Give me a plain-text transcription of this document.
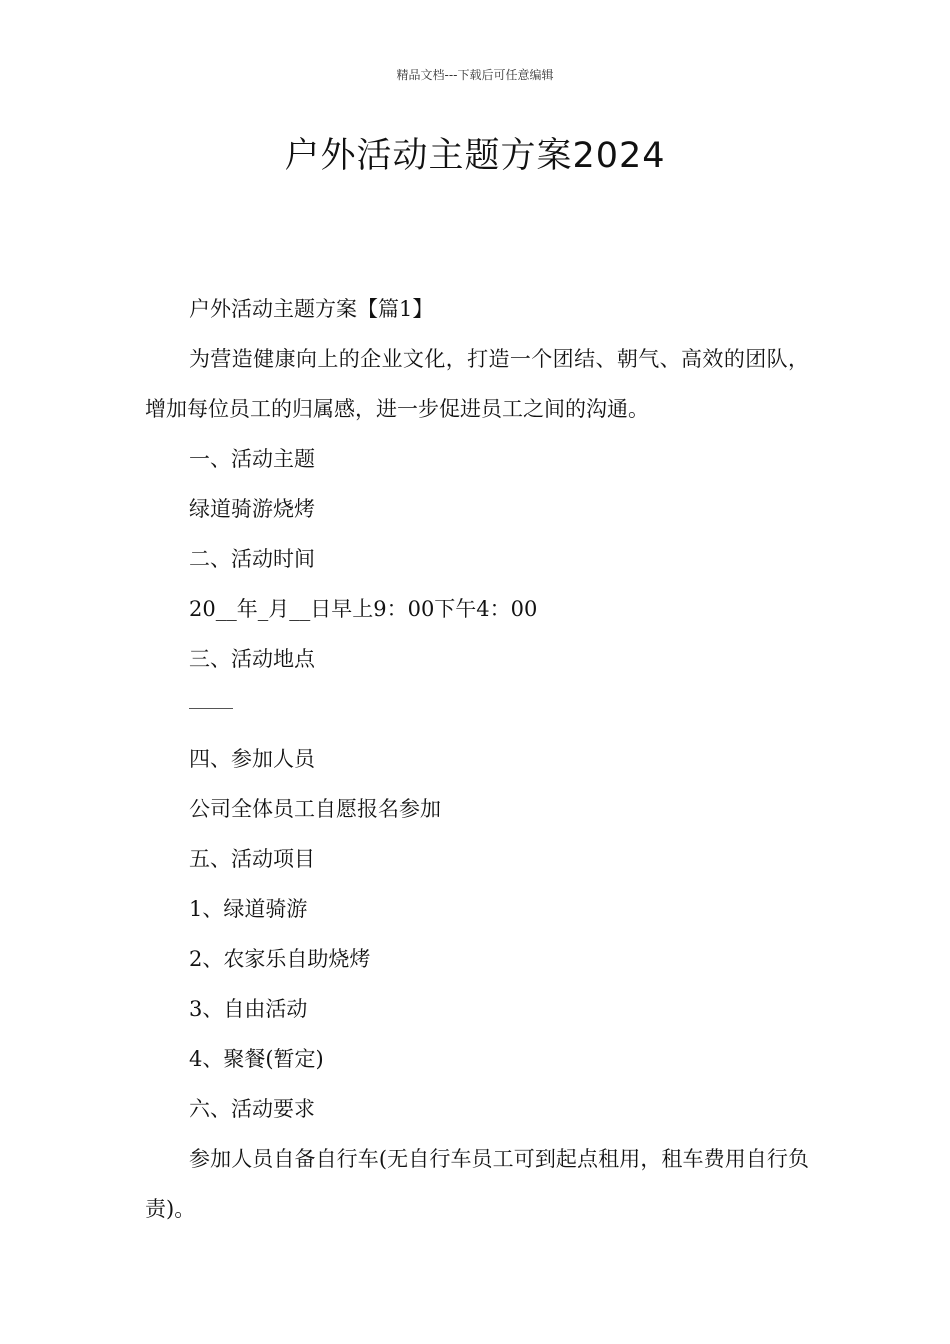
精品文档---下载后可任意编辑
户外活动主题方案2024

户外活动主题方案【篇1】

为营造健康向上的企业文化，打造一个团结、朝气、高效的团队，增加每位员工的归属感，进一步促进员工之间的沟通。

一、活动主题

绿道骑游烧烤

二、活动时间

20__年_月__日早上9：00下午4：00

三、活动地点

四、参加人员

公司全体员工自愿报名参加

五、活动项目

1、绿道骑游

2、农家乐自助烧烤

3、自由活动

4、聚餐(暂定)

六、活动要求

参加人员自备自行车(无自行车员工可到起点租用，租车费用自行负责)。
